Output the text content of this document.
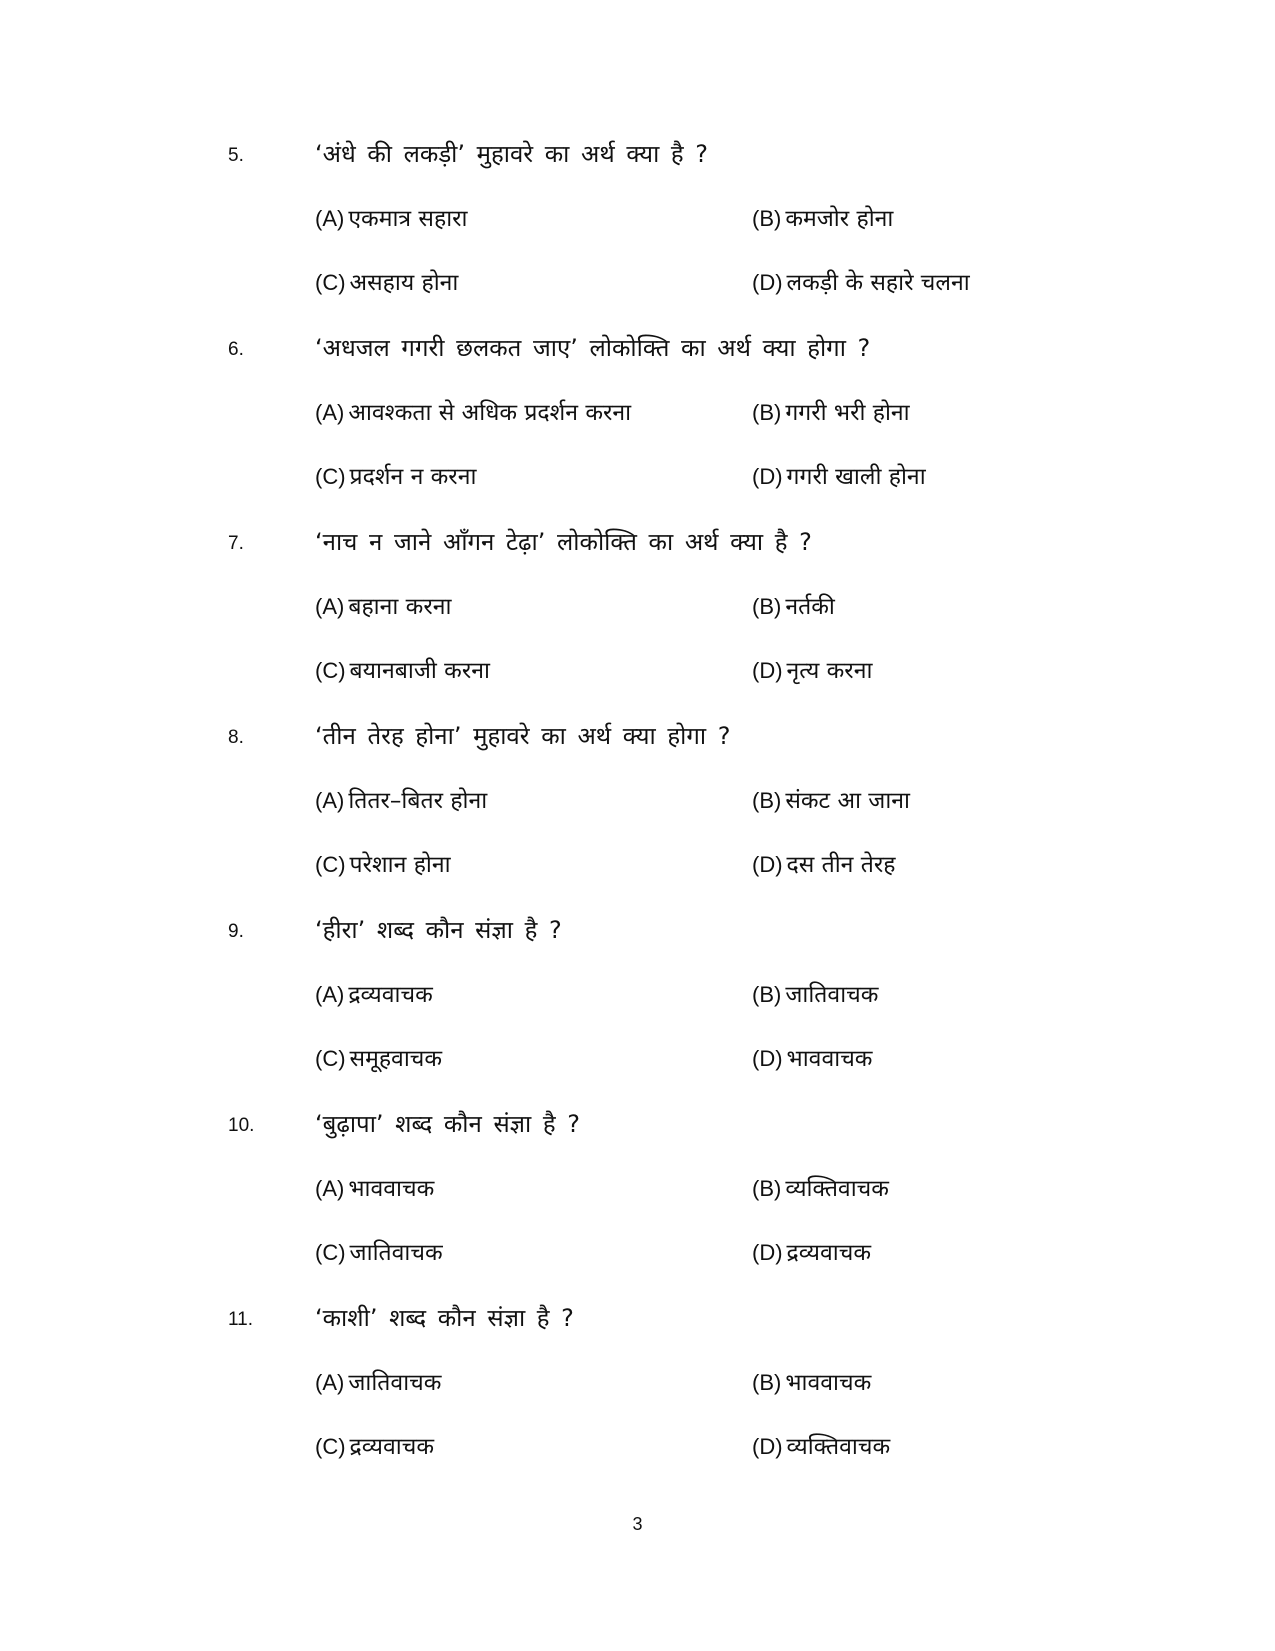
5.	‘अंधे की लकड़ी’ मुहावरे का अर्थ क्या है ?
(A) एकमात्र सहारा	(B) कमजोर होना
(C) असहाय होना	(D) लकड़ी के सहारे चलना
6.	‘अधजल गगरी छलकत जाए’ लोकोक्ति का अर्थ क्या होगा ?
(A) आवश्कता से अधिक प्रदर्शन करना	(B) गगरी भरी होना
(C) प्रदर्शन न करना	(D) गगरी खाली होना
7.	‘नाच न जाने आँगन टेढ़ा’ लोकोक्ति का अर्थ क्या है ?
(A) बहाना करना	(B) नर्तकी
(C) बयानबाजी करना	(D) नृत्य करना
8.	‘तीन तेरह होना’ मुहावरे का अर्थ क्या होगा ?
(A) तितर–बितर होना	(B) संकट आ जाना
(C) परेशान होना	(D) दस तीन तेरह
9.	‘हीरा’ शब्द कौन संज्ञा है ?
(A) द्रव्यवाचक	(B) जातिवाचक
(C) समूहवाचक	(D) भाववाचक
10.	‘बुढ़ापा’ शब्द कौन संज्ञा है ?
(A) भाववाचक	(B) व्यक्तिवाचक
(C) जातिवाचक	(D) द्रव्यवाचक
11.	‘काशी’ शब्द कौन संज्ञा है ?
(A) जातिवाचक	(B) भाववाचक
(C) द्रव्यवाचक	(D) व्यक्तिवाचक
3
